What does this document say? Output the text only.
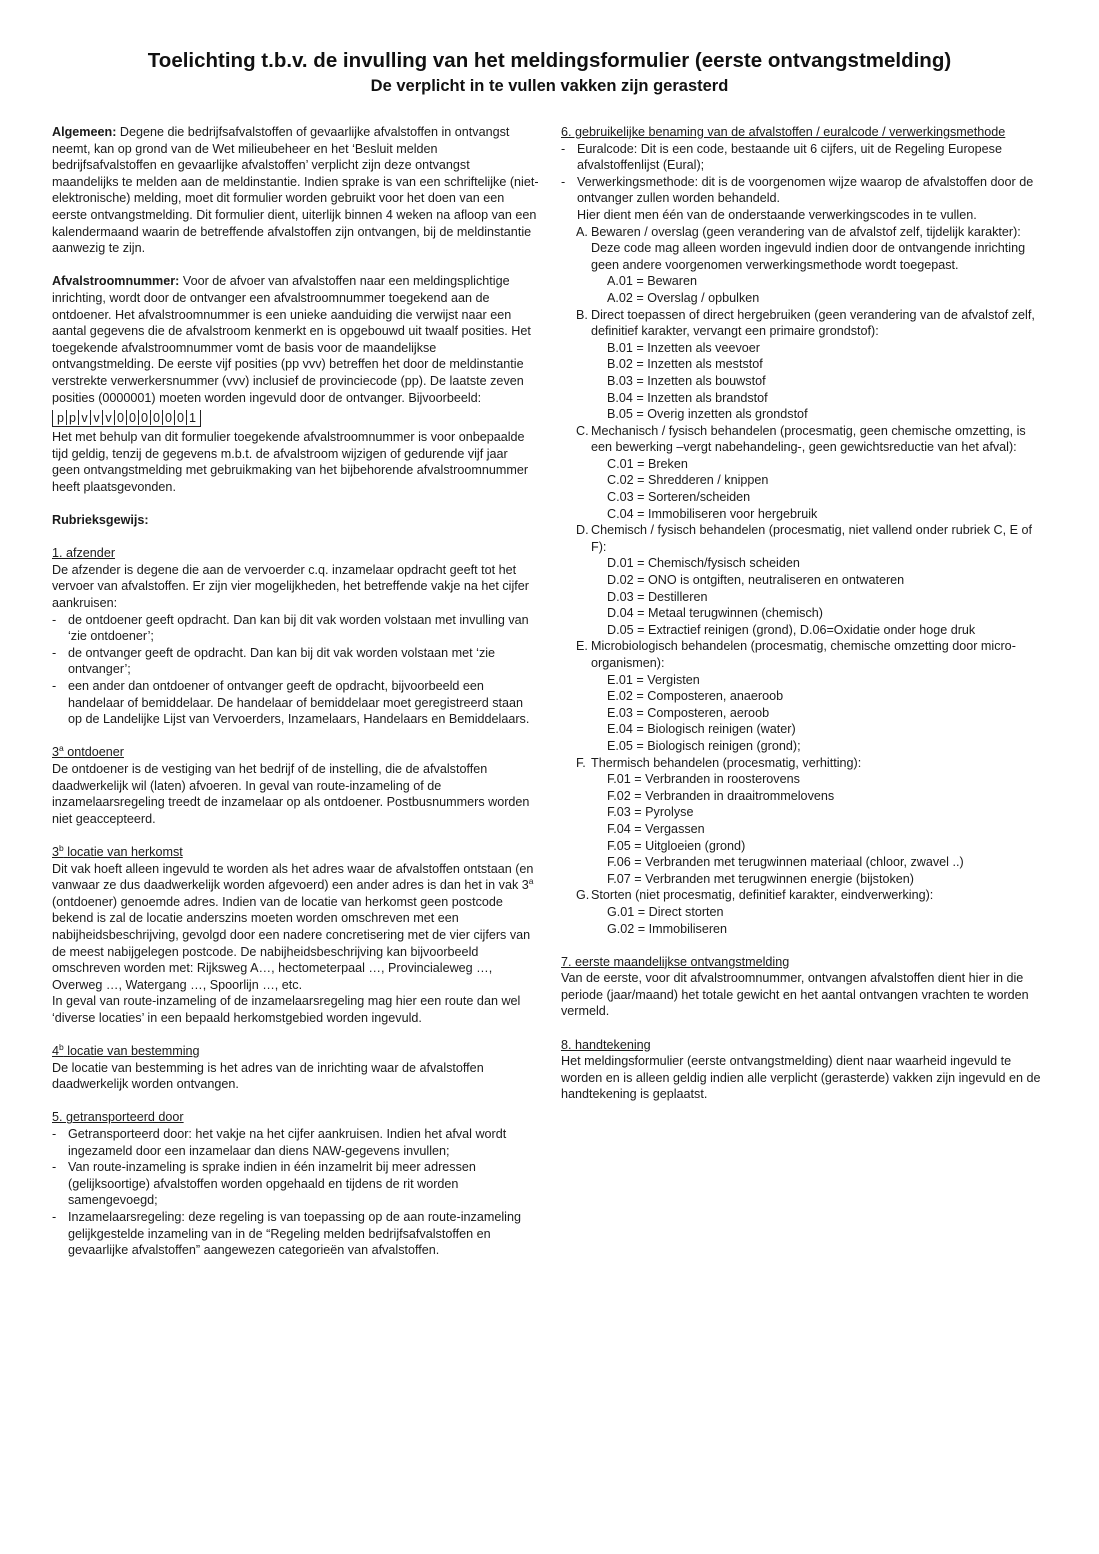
Toelichting t.b.v. de invulling van het meldingsformulier (eerste ontvangstmelding)
De verplicht in te vullen vakken zijn gerasterd

Algemeen: Degene die bedrijfsafvalstoffen of gevaarlijke afvalstoffen in ontvangst neemt, kan op grond van de Wet milieubeheer en het ‘Besluit melden bedrijfsafvalstoffen en gevaarlijke afvalstoffen’ verplicht zijn deze ontvangst maandelijks te melden aan de meldinstantie. Indien sprake is van een schriftelijke (niet-elektronische) melding, moet dit formulier worden gebruikt voor het doen van een eerste ontvangstmelding. Dit formulier dient, uiterlijk binnen 4 weken na afloop van een kalendermaand waarin de betreffende afvalstoffen zijn ontvangen, bij de meldinstantie aanwezig te zijn.

Afvalstroomnummer: Voor de afvoer van afvalstoffen naar een meldingsplichtige inrichting, wordt door de ontvanger een afvalstroomnummer toegekend aan de ontdoener. Het afvalstroomnummer is een unieke aanduiding die verwijst naar een aantal gegevens die de afvalstroom kenmerkt en is opgebouwd uit twaalf posities. Het toegekende afvalstroomnummer vomt de basis voor de maandelijkse ontvangstmelding. De eerste vijf posities (pp vvv) betreffen het door de meldinstantie verstrekte verwerkersnummer (vvv) inclusief de provinciecode (pp). De laatste zeven posities (0000001) moeten worden ingevuld door de ontvanger. Bijvoorbeeld:

p p v v v 0 0 0 0 0 0 1

Het met behulp van dit formulier toegekende afvalstroomnummer is voor onbepaalde tijd geldig, tenzij de gegevens m.b.t. de afvalstroom wijzigen of gedurende vijf jaar geen ontvangstmelding met gebruikmaking van het bijbehorende afvalstroomnummer heeft plaatsgevonden.

Rubrieksgewijs:

1. afzender

De afzender is degene die aan de vervoerder c.q. inzamelaar opdracht geeft tot het vervoer van afvalstoffen. Er zijn vier mogelijkheden, het betreffende vakje na het cijfer aankruisen:

- de ontdoener geeft opdracht. Dan kan bij dit vak worden volstaan met invulling van ‘zie ontdoener’;
- de ontvanger geeft de opdracht. Dan kan bij dit vak worden volstaan met ‘zie ontvanger’;
- een ander dan ontdoener of ontvanger geeft de opdracht, bijvoorbeeld een handelaar of bemiddelaar. De handelaar of bemiddelaar moet geregistreerd staan op de Landelijke Lijst van Vervoerders, Inzamelaars, Handelaars en Bemiddelaars.

3$^a$ ontdoener

De ontdoener is de vestiging van het bedrijf of de instelling, die de afvalstoffen daadwerkelijk wil (laten) afvoeren. In geval van route-inzameling of de inzamelaarsregeling treedt de inzamelaar op als ontdoener. Postbusnummers worden niet geaccepteerd.

3$^b$ locatie van herkomst

Dit vak hoeft alleen ingevuld te worden als het adres waar de afvalstoffen ontstaan (en vanwaar ze dus daadwerkelijk worden afgevoerd) een ander adres is dan het in vak 3$^a$ (ontdoener) genoemde adres. Indien van de locatie van herkomst geen postcode bekend is zal de locatie anderszins moeten worden omschreven met een nabijheidsbeschrijving, gevolgd door een nadere concretisering met de vier cijfers van de meest nabijgelegen postcode. De nabijheidsbeschrijving kan bijvoorbeeld omschreven worden met: Rijksweg A…, hectometerpaal …, Provincialeweg …, Overweg …, Watergang …, Spoorlijn …, etc.

In geval van route-inzameling of de inzamelaarsregeling mag hier een route dan wel ‘diverse locaties’ in een bepaald herkomstgebied worden ingevuld.

4$^b$ locatie van bestemming

De locatie van bestemming is het adres van de inrichting waar de afvalstoffen daadwerkelijk worden ontvangen.

5. getransporteerd door

- Getransporteerd door: het vakje na het cijfer aankruisen. Indien het afval wordt ingezameld door een inzamelaar dan diens NAW-gegevens invullen;
- Van route-inzameling is sprake indien in één inzamelrit bij meer adressen (gelijksoortige) afvalstoffen worden opgehaald en tijdens de rit worden samengevoegd;
- Inzamelaarsregeling: deze regeling is van toepassing op de aan route-inzameling gelijkgestelde inzameling van in de “Regeling melden bedrijfsafvalstoffen en gevaarlijke afvalstoffen” aangewezen categorieën van afvalstoffen.

6. gebruikelijke benaming van de afvalstoffen / euralcode / verwerkingsmethode

- Euralcode: Dit is een code, bestaande uit 6 cijfers, uit de Regeling Europese afvalstoffenlijst (Eural);
- Verwerkingsmethode: dit is de voorgenomen wijze waarop de afvalstoffen door de ontvanger zullen worden behandeld.

Hier dient men één van de onderstaande verwerkingscodes in te vullen.

A. Bewaren / overslag (geen verandering van de afvalstof zelf, tijdelijk karakter): Deze code mag alleen worden ingevuld indien door de ontvangende inrichting geen andere voorgenomen verwerkingsmethode wordt toegepast.
A.01 = Bewaren
A.02 = Overslag / opbulken
B. Direct toepassen of direct hergebruiken (geen verandering van de afvalstof zelf, definitief karakter, vervangt een primaire grondstof):
B.01 = Inzetten als veevoer
B.02 = Inzetten als meststof
B.03 = Inzetten als bouwstof
B.04 = Inzetten als brandstof
B.05 = Overig inzetten als grondstof
C. Mechanisch / fysisch behandelen (procesmatig, geen chemische omzetting, is een bewerking –vergt nabehandeling-, geen gewichtsreductie van het afval):
C.01 = Breken
C.02 = Shredderen / knippen
C.03 = Sorteren/scheiden
C.04 = Immobiliseren voor hergebruik
D. Chemisch / fysisch behandelen (procesmatig, niet vallend onder rubriek C, E of F):
D.01 = Chemisch/fysisch scheiden
D.02 = ONO is ontgiften, neutraliseren en ontwateren
D.03 = Destilleren
D.04 = Metaal terugwinnen (chemisch)
D.05 = Extractief reinigen (grond), D.06=Oxidatie onder hoge druk
E. Microbiologisch behandelen (procesmatig, chemische omzetting door micro-organismen):
E.01 = Vergisten
E.02 = Composteren, anaeroob
E.03 = Composteren, aeroob
E.04 = Biologisch reinigen (water)
E.05 = Biologisch reinigen (grond);
F. Thermisch behandelen (procesmatig, verhitting):
F.01 = Verbranden in roosterovens
F.02 = Verbranden in draaitrommelovens
F.03 = Pyrolyse
F.04 = Vergassen
F.05 = Uitgloeien (grond)
F.06 = Verbranden met terugwinnen materiaal (chloor, zwavel ..)
F.07 = Verbranden met terugwinnen energie (bijstoken)
G. Storten (niet procesmatig, definitief karakter, eindverwerking):
G.01 = Direct storten
G.02 = Immobiliseren

7. eerste maandelijkse ontvangstmelding

Van de eerste, voor dit afvalstroomnummer, ontvangen afvalstoffen dient hier in die periode (jaar/maand) het totale gewicht en het aantal ontvangen vrachten te worden vermeld.

8. handtekening

Het meldingsformulier (eerste ontvangstmelding) dient naar waarheid ingevuld te worden en is alleen geldig indien alle verplicht (gerasterde) vakken zijn ingevuld en de handtekening is geplaatst.
